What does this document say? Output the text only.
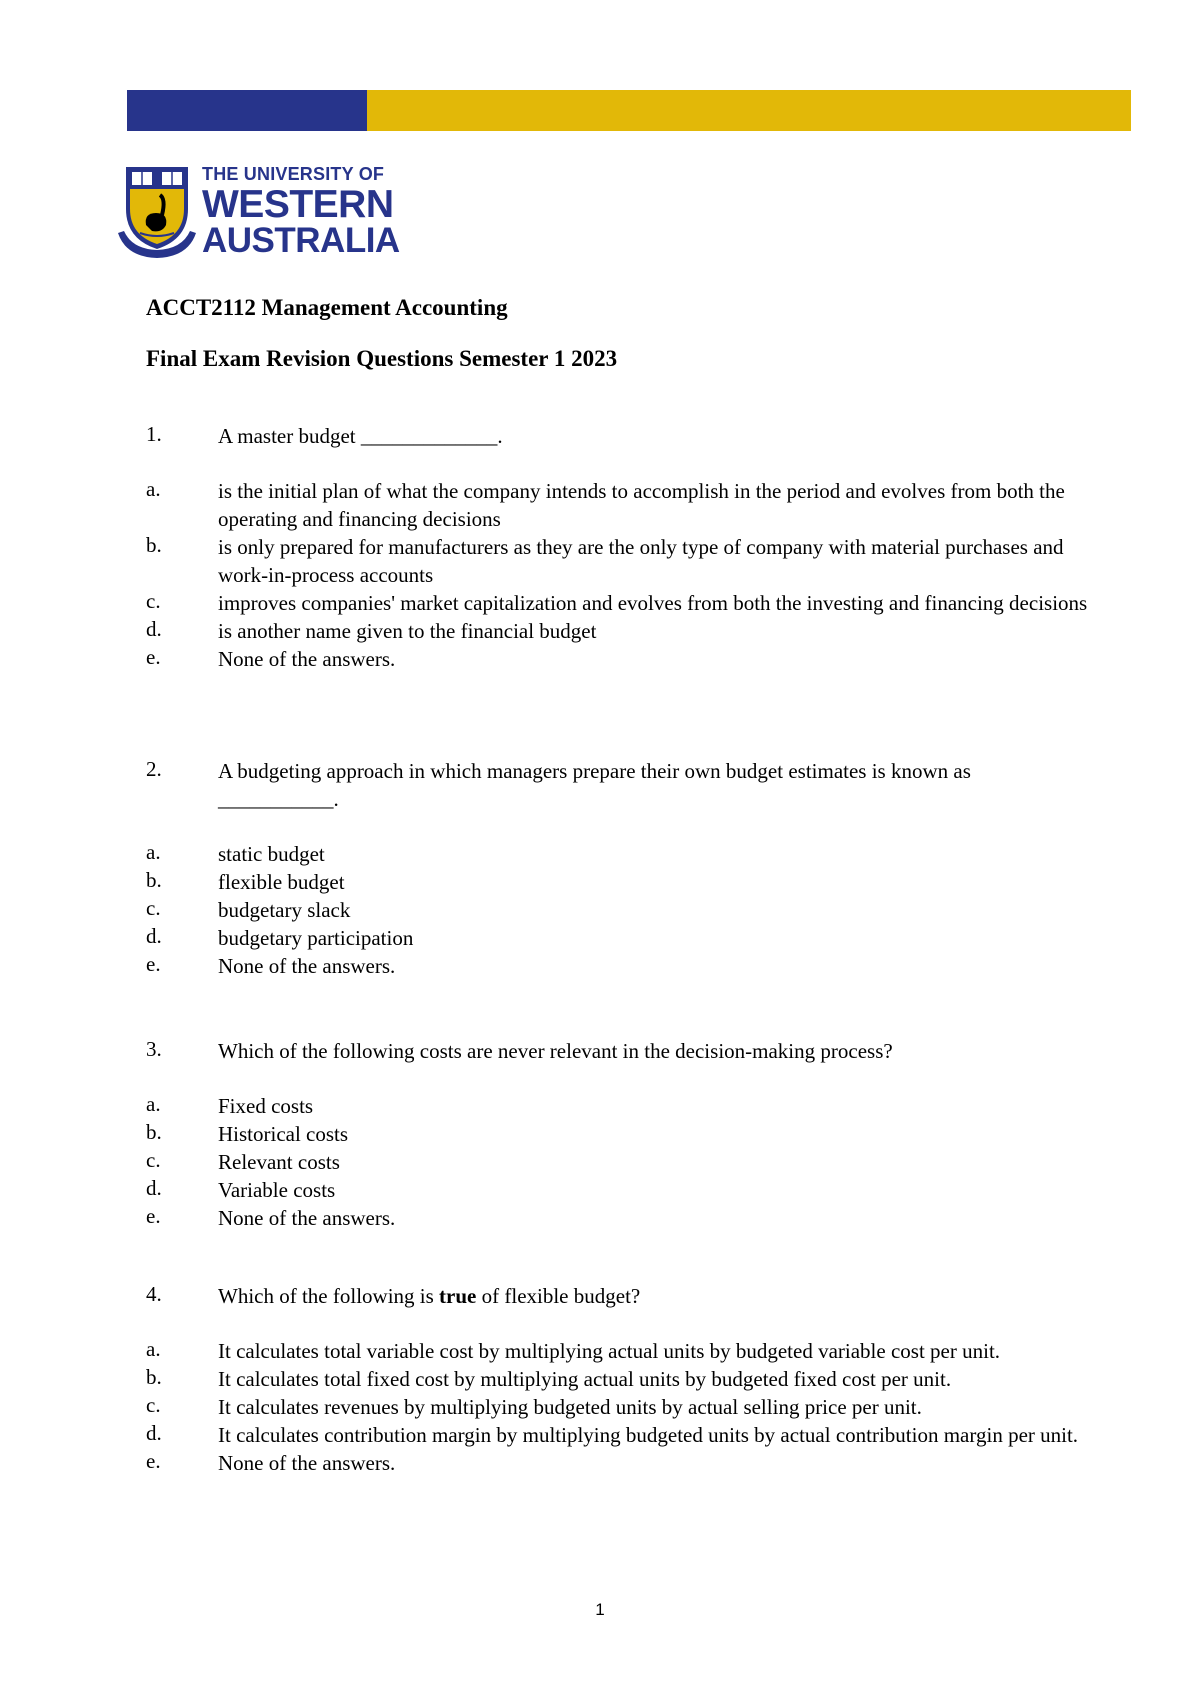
THE UNIVERSITY OF
WESTERN
AUSTRALIA
ACCT2112 Management Accounting
Final Exam Revision Questions Semester 1 2023
1.	A master budget _____________.
a.	is the initial plan of what the company intends to accomplish in the period and evolves from both the operating and financing decisions
b.	is only prepared for manufacturers as they are the only type of company with material purchases and work-in-process accounts
c.	improves companies' market capitalization and evolves from both the investing and financing decisions
d.	is another name given to the financial budget
e.	None of the answers.
2.	A budgeting approach in which managers prepare their own budget estimates is known as ___________.
a.	static budget
b.	flexible budget
c.	budgetary slack
d.	budgetary participation
e.	None of the answers.
3.	Which of the following costs are never relevant in the decision-making process?
a.	Fixed costs
b.	Historical costs
c.	Relevant costs
d.	Variable costs
e.	None of the answers.
4.	Which of the following is true of flexible budget?
a.	It calculates total variable cost by multiplying actual units by budgeted variable cost per unit.
b.	It calculates total fixed cost by multiplying actual units by budgeted fixed cost per unit.
c.	It calculates revenues by multiplying budgeted units by actual selling price per unit.
d.	It calculates contribution margin by multiplying budgeted units by actual contribution margin per unit.
e.	None of the answers.
1
